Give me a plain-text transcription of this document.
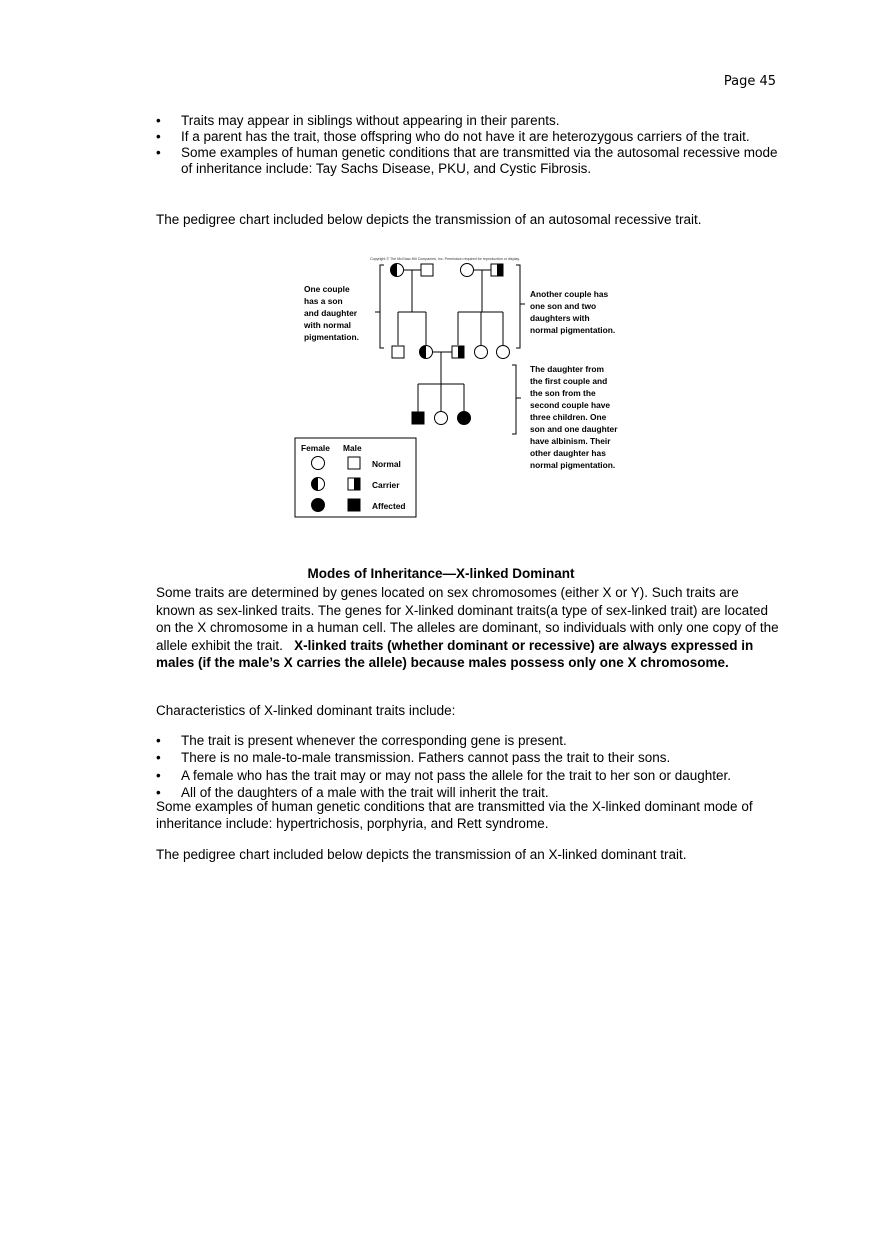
Page 45
• Traits may appear in siblings without appearing in their parents.
• If a parent has the trait, those offspring who do not have it are heterozygous carriers of the trait.
• Some examples of human genetic conditions that are transmitted via the autosomal recessive mode of inheritance include: Tay Sachs Disease, PKU, and Cystic Fibrosis.

The pedigree chart included below depicts the transmission of an autosomal recessive trait.

Copyright © The McGraw-Hill Companies, Inc. Permission required for reproduction or display.
One couple has a son and daughter with normal pigmentation.
Another couple has one son and two daughters with normal pigmentation.
The daughter from the first couple and the son from the second couple have three children. One son and one daughter have albinism. Their other daughter has normal pigmentation.
Female Male
Normal
Carrier
Affected
Modes of Inheritance—X-linked Dominant

Some traits are determined by genes located on sex chromosomes (either X or Y). Such traits are known as sex-linked traits. The genes for X-linked dominant traits(a type of sex-linked trait) are located on the X chromosome in a human cell. The alleles are dominant, so individuals with only one copy of the allele exhibit the trait. X-linked traits (whether dominant or recessive) are always expressed in males (if the male’s X carries the allele) because males possess only one X chromosome.

Characteristics of X-linked dominant traits include:

• The trait is present whenever the corresponding gene is present.
• There is no male-to-male transmission. Fathers cannot pass the trait to their sons.
• A female who has the trait may or may not pass the allele for the trait to her son or daughter.
• All of the daughters of a male with the trait will inherit the trait.

Some examples of human genetic conditions that are transmitted via the X-linked dominant mode of inheritance include: hypertrichosis, porphyria, and Rett syndrome.

The pedigree chart included below depicts the transmission of an X-linked dominant trait.
